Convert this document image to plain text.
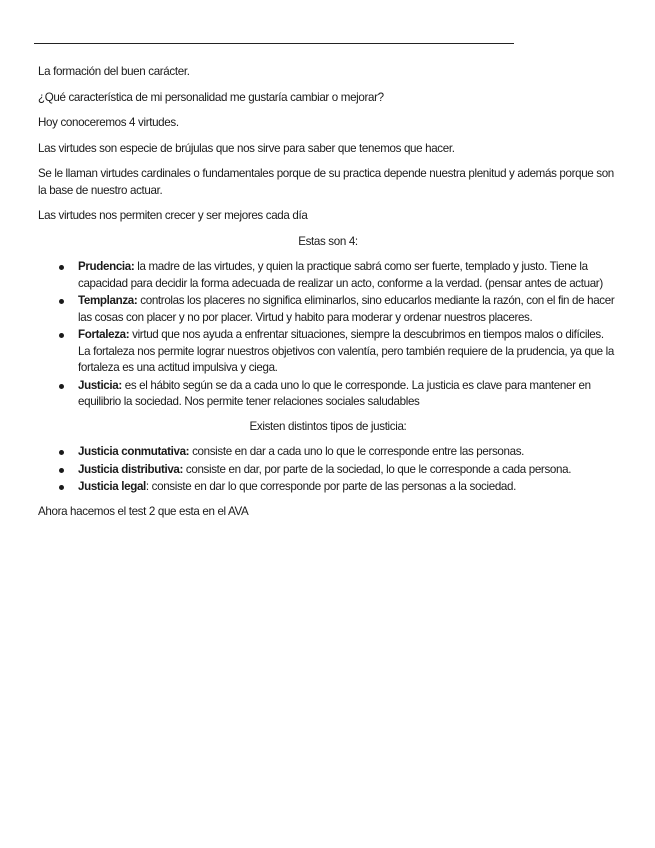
La formación del buen carácter.

¿Qué característica de mi personalidad me gustaría cambiar o mejorar?

Hoy conoceremos 4 virtudes.

Las virtudes son especie de brújulas que nos sirve para saber que tenemos que hacer.

Se le llaman virtudes cardinales o fundamentales porque de su practica depende nuestra plenitud y además porque son la base de nuestro actuar.

Las virtudes nos permiten crecer y ser mejores cada día

Estas son 4:

Prudencia: la madre de las virtudes, y quien la practique sabrá como ser fuerte, templado y justo. Tiene la capacidad para decidir la forma adecuada de realizar un acto, conforme a la verdad. (pensar antes de actuar)
Templanza: controlas los placeres no significa eliminarlos, sino educarlos mediante la razón, con el fin de hacer las cosas con placer y no por placer. Virtud y habito para moderar y ordenar nuestros placeres.
Fortaleza: virtud que nos ayuda a enfrentar situaciones, siempre la descubrimos en tiempos malos o difíciles. La fortaleza nos permite lograr nuestros objetivos con valentía, pero también requiere de la prudencia, ya que la fortaleza es una actitud impulsiva y ciega.
Justicia: es el hábito según se da a cada uno lo que le corresponde. La justicia es clave para mantener en equilibrio la sociedad. Nos permite tener relaciones sociales saludables

Existen distintos tipos de justicia:

Justicia conmutativa: consiste en dar a cada uno lo que le corresponde entre las personas.
Justicia distributiva: consiste en dar, por parte de la sociedad, lo que le corresponde a cada persona.
Justicia legal: consiste en dar lo que corresponde por parte de las personas a la sociedad.

Ahora hacemos el test 2 que esta en el AVA
